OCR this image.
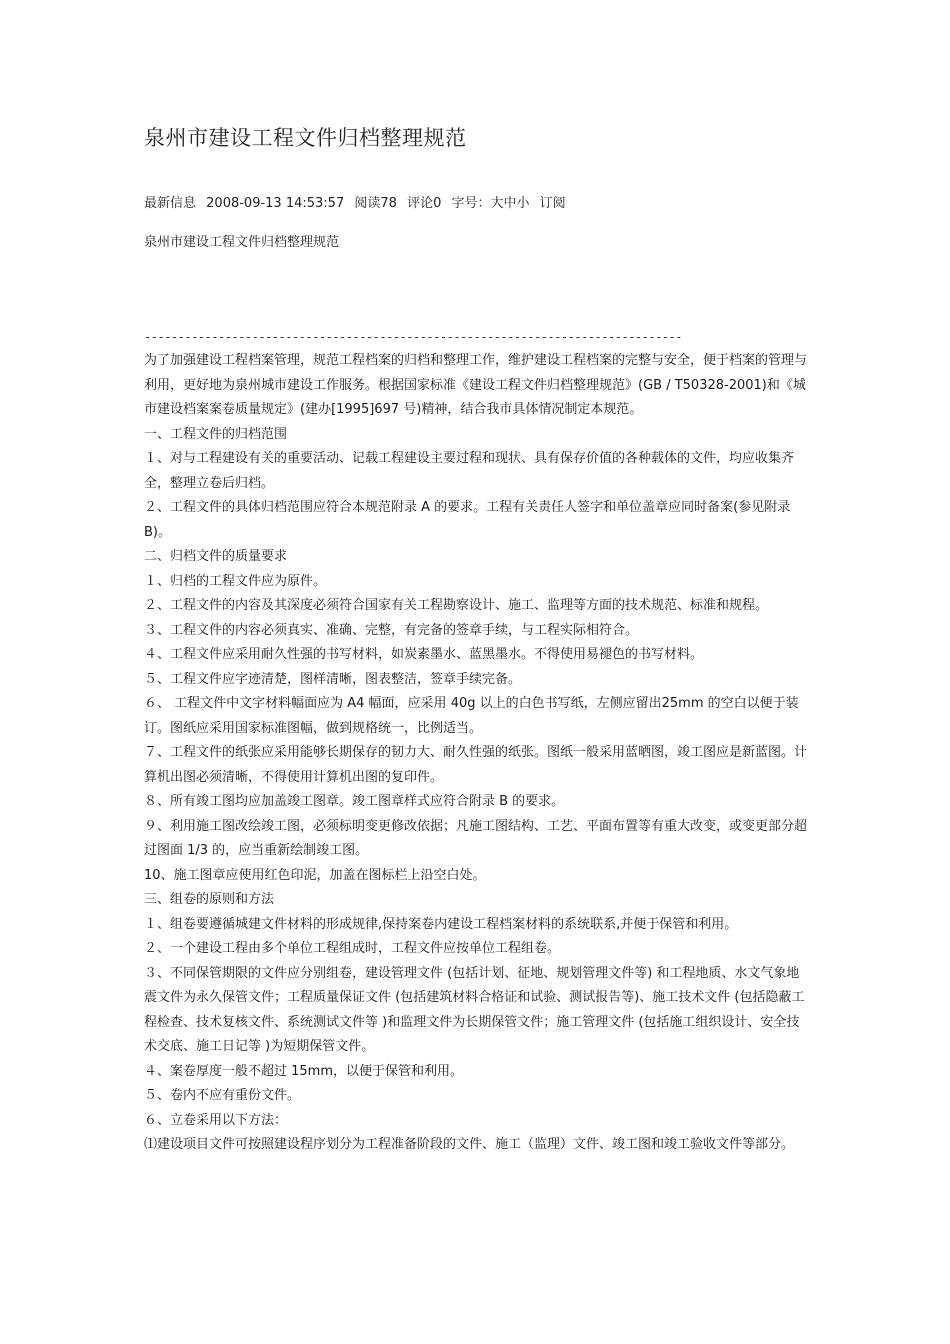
泉州市建设工程文件归档整理规范
最新信息 2008-09-13 14:53:57 阅读78 评论0 字号：大中小 订阅
泉州市建设工程文件归档整理规范
--------------------------------------------------------------------------------

为了加强建设工程档案管理，规范工程档案的归档和整理工作，维护建设工程档案的完整与安全，便于档案的管理与利用，更好地为泉州城市建设工作服务。根据国家标准《建设工程文件归档整理规范》(GB / T50328-2001)和《城市建设档案案卷质量规定》(建办[1995]697 号)精神，结合我市具体情况制定本规范。

一、工程文件的归档范围

１、对与工程建设有关的重要活动、记载工程建设主要过程和现状、具有保存价值的各种载体的文件，均应收集齐全，整理立卷后归档。

２、工程文件的具体归档范围应符合本规范附录 A 的要求。工程有关责任人签字和单位盖章应同时备案(参见附录 B)。

二、归档文件的质量要求

１、归档的工程文件应为原件。

２、工程文件的内容及其深度必须符合国家有关工程勘察设计、施工、监理等方面的技术规范、标准和规程。

３、工程文件的内容必须真实、准确、完整，有完备的签章手续，与工程实际相符合。

４、工程文件应采用耐久性强的书写材料，如炭素墨水、蓝黑墨水。不得使用易褪色的书写材料。

５、工程文件应字迹清楚，图样清晰，图表整洁，签章手续完备。

６、 工程文件中文字材料幅面应为 A4 幅面，应采用 40g 以上的白色书写纸，左侧应留出25mm 的空白以便于装订。图纸应采用国家标准图幅，做到规格统一，比例适当。

７、工程文件的纸张应采用能够长期保存的韧力大、耐久性强的纸张。图纸一般采用蓝晒图，竣工图应是新蓝图。计算机出图必须清晰，不得使用计算机出图的复印件。

８、所有竣工图均应加盖竣工图章。竣工图章样式应符合附录 B 的要求。

９、利用施工图改绘竣工图，必须标明变更修改依据；凡施工图结构、工艺、平面布置等有重大改变，或变更部分超过图面 1/3 的，应当重新绘制竣工图。

10、施工图章应使用红色印泥，加盖在图标栏上沿空白处。

三、组卷的原则和方法

１、组卷要遵循城建文件材料的形成规律,保持案卷内建设工程档案材料的系统联系,并便于保管和利用。

２、一个建设工程由多个单位工程组成时，工程文件应按单位工程组卷。

３、不同保管期限的文件应分别组卷，建设管理文件 (包括计划、征地、规划管理文件等) 和工程地质、水文气象地震文件为永久保管文件；工程质量保证文件 (包括建筑材料合格证和试验、测试报告等)、施工技术文件 (包括隐蔽工程检查、技术复核文件、系统测试文件等 )和监理文件为长期保管文件；施工管理文件 (包括施工组织设计、安全技术交底、施工日记等 )为短期保管文件。

４、案卷厚度一般不超过 15mm，以便于保管和利用。

５、卷内不应有重份文件。

６、立卷采用以下方法：

⑴建设项目文件可按照建设程序划分为工程准备阶段的文件、施工（监理）文件、竣工图和竣工验收文件等部分。
